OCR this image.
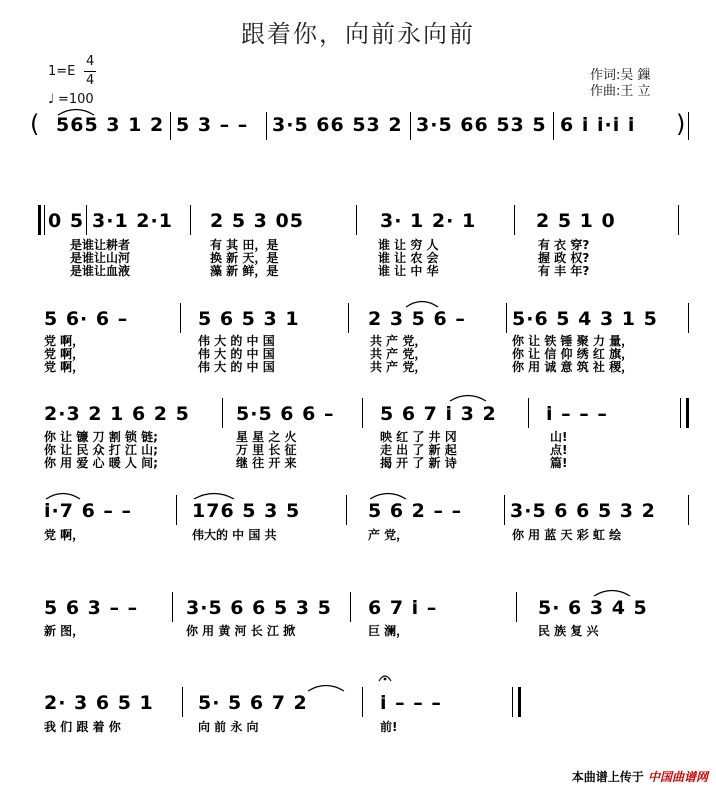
跟着你，向前永向前
1=E
4
4
♩ =100
作词:吴 鏁
作曲:王 立
( 565 3 1 2 5 3 – – 3·5 66 53 2 3·5 66 53 5 6 i i·i i )
0 5 3·1 2·1 2 5 3 05	3· 1 2· 1	2 5 1 0
是谁让耕者	有 其 田，是	谁 让 穷 人	有 衣 穿?
是谁让山河	换 新 天，是	谁 让 农 会	握 政 权?
是谁让血液	藻 新 鲜，是	谁 让 中 华	有 丰 年?
5 6· 6 –	5 6 5 3 1	2 3 5 6 – 5·6 5 4 3 1 5
党 啊，	伟 大 的 中 国	共 产 党，	你 让 铁 锤 聚 力 量，
党 啊，	伟 大 的 中 国	共 产 党，	你 让 信 仰 绣 红 旗，
党 啊，	伟 大 的 中 国	共 产 党，	你 用 诚 意 筑 社 稷，
2·3 2 1 6 2 5 5·5 6 6 – 5 6 7 i 3 2	i – – –
你 让 镰 刀 割 锁 链;	星 星 之 火	映 红 了 井 冈	山!
你 让 民 众 打 江 山;	万 里 长 征	走 出 了 新 起	点!
你 用 爱 心 暖 人 间;	继 往 开 来	揭 开 了 新 诗	篇!
i·7 6 – –	176 5 3 5	5 6 2 – –	3·5 6 6 5 3 2
党 啊，	伟大的 中 国 共	产 党，	你 用 蓝 天 彩 虹 绘
5 6 3 – –	3·5 6 6 5 3 5 6 7 i –	5· 6 3 4 5
新 图，	你 用 黄 河 长 江 掀	巨 澜，	民 族 复 兴
2· 3 6 5 1 5· 5 6 7 2	i – – –
我 们 跟 着 你	向 前 永 向	前!
本曲谱上传于 中国曲谱网
